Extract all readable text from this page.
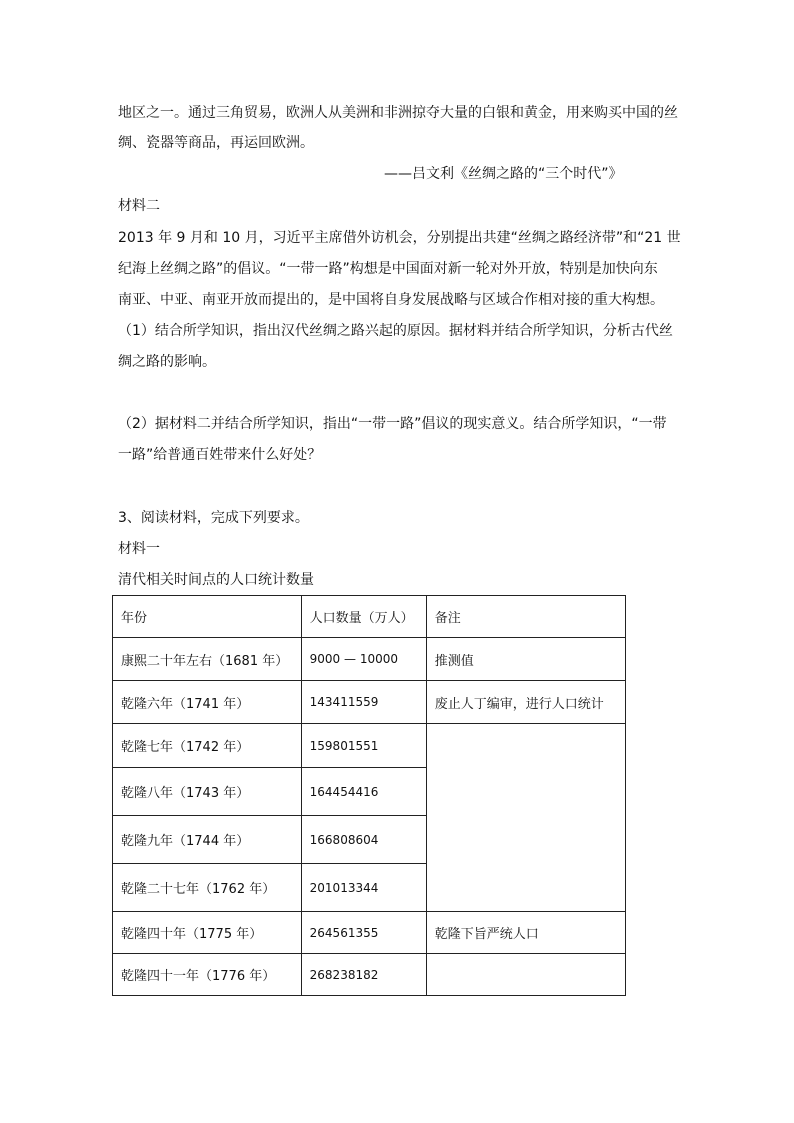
地区之一。通过三角贸易，欧洲人从美洲和非洲掠夺大量的白银和黄金，用来购买中国的丝
绸、瓷器等商品，再运回欧洲。
——吕文利《丝绸之路的“三个时代”》
材料二
2013 年 9 月和 10 月，习近平主席借外访机会，分别提出共建“丝绸之路经济带”和“21 世
纪海上丝绸之路”的倡议。“一带一路”构想是中国面对新一轮对外开放，特别是加快向东
南亚、中亚、南亚开放而提出的，是中国将自身发展战略与区域合作相对接的重大构想。
（1）结合所学知识，指出汉代丝绸之路兴起的原因。据材料并结合所学知识，分析古代丝
绸之路的影响。
（2）据材料二并结合所学知识，指出“一带一路”倡议的现实意义。结合所学知识，“一带
一路”给普通百姓带来什么好处？
3、阅读材料，完成下列要求。
材料一
清代相关时间点的人口统计数量
年份	人口数量（万人）	备注
康熙二十年左右（1681 年）	9000 — 10000	推测值
乾隆六年（1741 年）	143411559	废止人丁编审，进行人口统计
乾隆七年（1742 年）	159801551	
乾隆八年（1743 年）	164454416	
乾隆九年（1744 年）	166808604	
乾隆二十七年（1762 年）	201013344	
乾隆四十年（1775 年）	264561355	乾隆下旨严统人口
乾隆四十一年（1776 年）	268238182	
